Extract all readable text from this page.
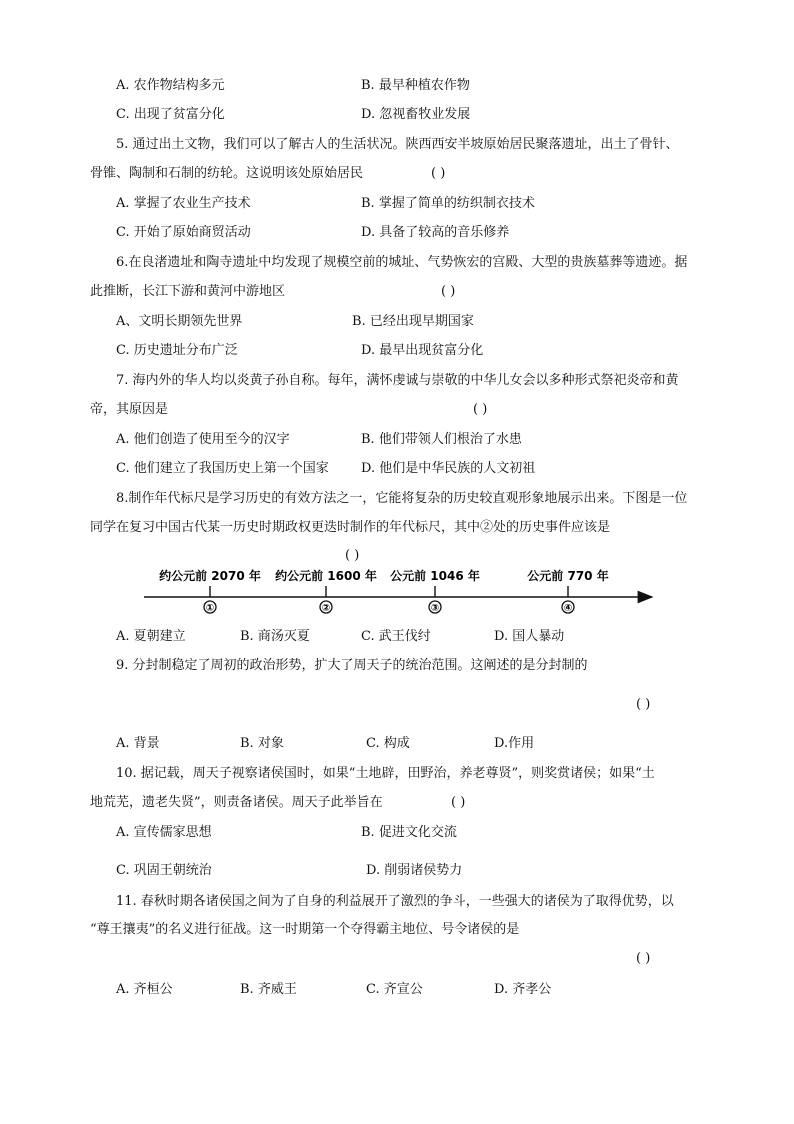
A. 农作物结构多元	B. 最早种植农作物
C. 出现了贫富分化	D. 忽视畜牧业发展
5. 通过出土文物，我们可以了解古人的生活状况。陕西西安半坡原始居民聚落遗址，出土了骨针、
骨锥、陶制和石制的纺轮。这说明该处原始居民	( )
A. 掌握了农业生产技术	B. 掌握了简单的纺织制衣技术
C. 开始了原始商贸活动	D. 具备了较高的音乐修养
6.在良渚遗址和陶寺遗址中均发现了规模空前的城址、气势恢宏的宫殿、大型的贵族墓葬等遗迹。据
此推断，长江下游和黄河中游地区	( )
A、文明长期领先世界	B. 已经出现早期国家
C. 历史遗址分布广泛	D. 最早出现贫富分化
7. 海内外的华人均以炎黄子孙自称。每年，满怀虔诚与崇敬的中华儿女会以多种形式祭祀炎帝和黄
帝，其原因是	( )
A. 他们创造了使用至今的汉字	B. 他们带领人们根治了水患
C. 他们建立了我国历史上第一个国家 D. 他们是中华民族的人文初祖
8.制作年代标尺是学习历史的有效方法之一，它能将复杂的历史较直观形象地展示出来。下图是一位
同学在复习中国古代某一历史时期政权更迭时制作的年代标尺，其中②处的历史事件应该是
( )
约公元前 2070 年 约公元前 1600 年 公元前 1046 年	公元前 770 年
①	②	③	④
A. 夏朝建立	B. 商汤灭夏	C. 武王伐纣	D. 国人暴动
9. 分封制稳定了周初的政治形势，扩大了周天子的统治范围。这阐述的是分封制的
( )
A. 背景	B. 对象	C. 构成	D.作用
10. 据记载，周天子视察诸侯国时，如果“土地辟，田野治，养老尊贤”，则奖赏诸侯；如果“土
地荒芜，遗老失贤”，则责备诸侯。周天子此举旨在	( )
A. 宣传儒家思想	B. 促进文化交流
C. 巩固王朝统治	D. 削弱诸侯势力
11. 春秋时期各诸侯国之间为了自身的利益展开了激烈的争斗，一些强大的诸侯为了取得优势，以
“尊王攘夷”的名义进行征战。这一时期第一个夺得霸主地位、号令诸侯的是
( )
A. 齐桓公	B. 齐威王	C. 齐宣公	D. 齐孝公
